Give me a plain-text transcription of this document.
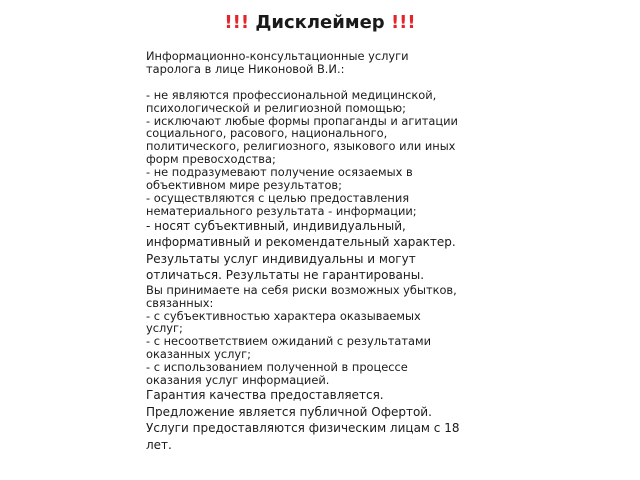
!!! Дисклеймер !!!
Информационно-консультационные услуги
таролога в лице Никоновой В.И.:
- не являются профессиональной медицинской,
психологической и религиозной помощью;
- исключают любые формы пропаганды и агитации
социального, расового, национального,
политического, религиозного, языкового или иных
форм превосходства;
- не подразумевают получение осязаемых в
объективном мире результатов;
- осуществляются с целью предоставления
нематериального результата - информации;
- носят субъективный, индивидуальный,
информативный и рекомендательный характер.
Результаты услуг индивидуальны и могут
отличаться. Результаты не гарантированы.
Вы принимаете на себя риски возможных убытков,
связанных:
- с субъективностью характера оказываемых
услуг;
- с несоответствием ожиданий с результатами
оказанных услуг;
- с использованием полученной в процессе
оказания услуг информацией.
Гарантия качества предоставляется.
Предложение является публичной Офертой.
Услуги предоставляются физическим лицам с 18
лет.
